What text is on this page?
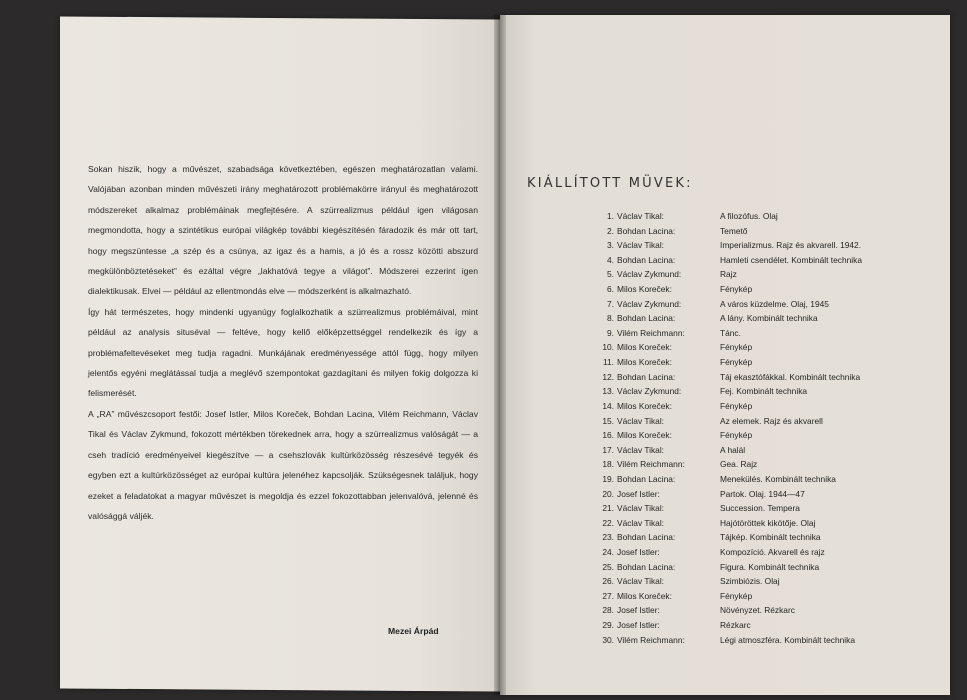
Sokan hiszik, hogy a művészet, szabadsága következtében, egészen meghatározatlan valami. Valójában azonban minden művészeti irány meghatározott problémakörre irányul és meghatározott módszereket alkalmaz problémáinak megfejtésére. A szürrealizmus például igen világosan megmondotta, hogy a szintétikus európai világkép további kiegészítésén fáradozik és már ott tart, hogy megszüntesse „a szép és a csúnya, az igaz és a hamis, a jó és a rossz közötti abszurd megkülönböztetéseket” és ezáltal végre „lakhatóvá tegye a világot”. Módszerei ezzerint igen dialektikusak. Elvei — például az ellentmondás elve — módszerként is alkalmazható.

Így hát természetes, hogy mindenki ugyanúgy foglalkozhatik a szürrealizmus problémáival, mint például az analysis situséval — feltéve, hogy kellő előképzettséggel rendelkezik és így a problémafeltevéseket meg tudja ragadni. Munkájának eredményessége attól függ, hogy milyen jelentős egyéni meglátással tudja a meglévő szempontokat gazdagítani és milyen fokig dolgozza ki felismerését.

A „RA” művészcsoport festői: Josef Istler, Milos Koreček, Bohdan Lacina, Vilém Reichmann, Václav Tikal és Václav Zykmund, fokozott mértékben törekednek arra, hogy a szürrealizmus valóságát — a cseh tradíció eredményeivel kiegészítve — a csehszlovák kultúrközösség részesévé tegyék és egyben ezt a kultúrközösséget az európai kultúra jelenéhez kapcsolják. Szükségesnek találjuk, hogy ezeket a feladatokat a magyar művészet is megoldja és ezzel fokozottabban jelenvalóvá, jelenné és valósággá váljék.

Mezei Árpád
KIÁLLÍTOTT MÜVEK:
1. Václav Tikal:	A filozófus. Olaj
2. Bohdan Lacina:	Temető
3. Václav Tikal:	Imperializmus. Rajz és akvarell. 1942.
4. Bohdan Lacina:	Hamleti csendélet. Kombinált technika
5. Václav Zykmund:	Rajz
6. Milos Koreček:	Fénykép
7. Václav Zykmund:	A város küzdelme. Olaj, 1945
8. Bohdan Lacina:	A lány. Kombinált technika
9. Vilém Reichmann:	Tánc.
10. Milos Koreček:	Fénykép
11. Milos Koreček:	Fénykép
12. Bohdan Lacina:	Táj ekasztófákkal. Kombinált technika
13. Václav Zykmund:	Fej. Kombinált technika
14. Milos Koreček:	Fénykép
15. Václav Tikal:	Az elemek. Rajz és akvarell
16. Milos Koreček:	Fénykép
17. Václav Tikal:	A halál
18. Vilém Reichmann:	Gea. Rajz
19. Bohdan Lacina:	Menekülés. Kombinált technika
20. Josef Istler:	Partok. Olaj. 1944—47
21. Václav Tikal:	Succession. Tempera
22. Václav Tikal:	Hajótöröttek kikötője. Olaj
23. Bohdan Lacina:	Tájkép. Kombinált technika
24. Josef Istler:	Kompozíció. Akvarell és rajz
25. Bohdan Lacina:	Figura. Kombinált technika
26. Václav Tikal:	Szimbiózis. Olaj
27. Milos Koreček:	Fénykép
28. Josef Istler:	Növényzet. Rézkarc
29. Josef Istler:	Rézkarc
30. Vilém Reichmann:	Légi atmoszféra. Kombinált technika
